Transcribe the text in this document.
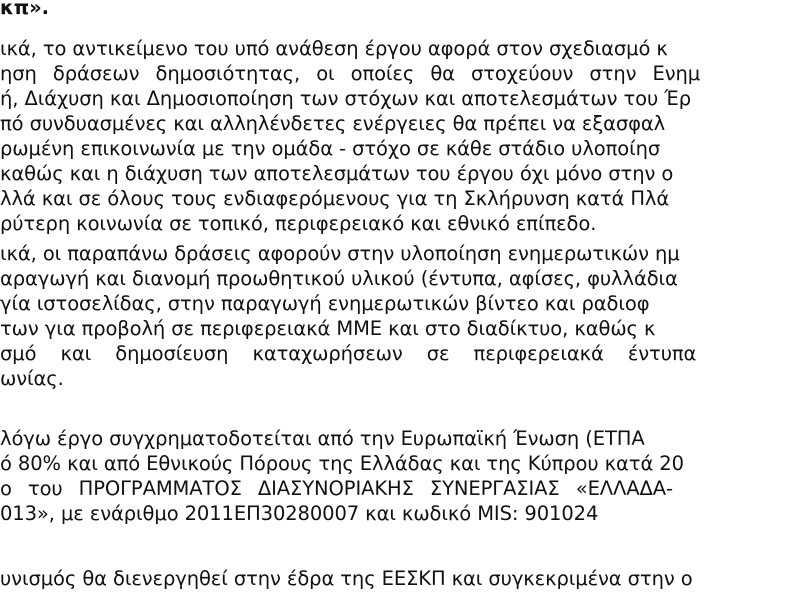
κπ».
ικά, το αντικείμενο του υπό ανάθεση έργου αφορά στον σχεδιασμό κ
ηση δράσεων δημοσιότητας, οι οποίες θα στοχεύουν στην Ενημ
ή, Διάχυση και Δημοσιοποίηση των στόχων και αποτελεσμάτων του Έρ
πό συνδυασμένες και αλληλένδετες ενέργειες θα πρέπει να εξασφαλ
ρωμένη επικοινωνία με την ομάδα - στόχο σε κάθε στάδιο υλοποίησ
καθώς και η διάχυση των αποτελεσμάτων του έργου όχι μόνο στην ο
λλά και σε όλους τους ενδιαφερόμενους για τη Σκλήρυνση κατά Πλά
ρύτερη κοινωνία σε τοπικό, περιφερειακό και εθνικό επίπεδο.
ικά, οι παραπάνω δράσεις αφορούν στην υλοποίηση ενημερωτικών ημ
αραγωγή και διανομή προωθητικού υλικού (έντυπα, αφίσες, φυλλάδια
γία ιστοσελίδας, στην παραγωγή ενημερωτικών βίντεο και ραδιοφ
των για προβολή σε περιφερειακά ΜΜΕ και στο διαδίκτυο, καθώς κ
σμό και δημοσίευση καταχωρήσεων σε περιφερειακά έντυπα
ωνίας.
λόγω έργο συγχρηματοδοτείται από την Ευρωπαϊκή Ένωση (ΕΤΠΑ
ό 80% και από Εθνικούς Πόρους της Ελλάδας και της Κύπρου κατά 20
ο του ΠΡΟΓΡΑΜΜΑΤΟΣ ΔΙΑΣΥΝΟΡΙΑΚΗΣ ΣΥΝΕΡΓΑΣΙΑΣ «ΕΛΛΑΔΑ-
013», με ενάριθμο 2011ΕΠ30280007 και κωδικό MIS: 901024
υνισμός θα διενεργηθεί στην έδρα της ΕΕΣΚΠ και συγκεκριμένα στην ο
